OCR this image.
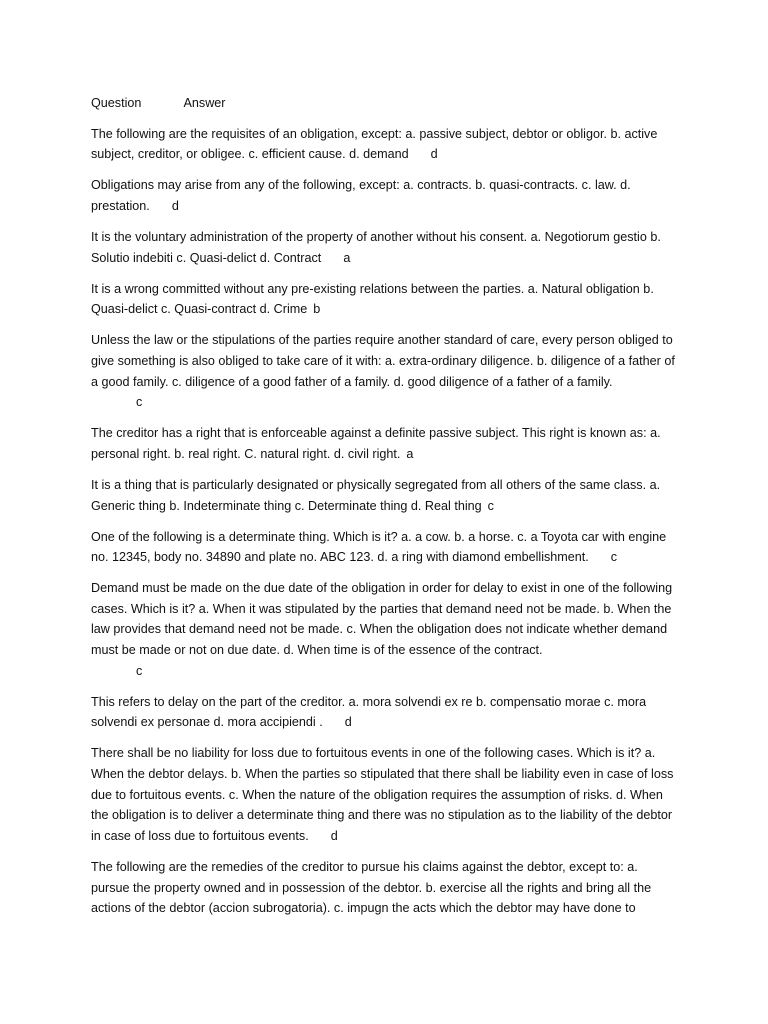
Question	Answer

The following are the requisites of an obligation, except: a. passive subject, debtor or obligor. b. active subject, creditor, or obligee. c. efficient cause. d. demand d

Obligations may arise from any of the following, except: a. contracts. b. quasi-contracts. c. law. d. prestation. d

It is the voluntary administration of the property of another without his consent. a. Negotiorum gestio b. Solutio indebiti c. Quasi-delict d. Contract a

It is a wrong committed without any pre-existing relations between the parties. a. Natural obligation b. Quasi-delict c. Quasi-contract d. Crime b

Unless the law or the stipulations of the parties require another standard of care, every person obliged to give something is also obliged to take care of it with: a. extra-ordinary diligence. b. diligence of a father of a good family. c. diligence of a good father of a family. d. good diligence of a father of a family.
c

The creditor has a right that is enforceable against a definite passive subject. This right is known as: a. personal right. b. real right. C. natural right. d. civil right. a

It is a thing that is particularly designated or physically segregated from all others of the same class. a. Generic thing b. Indeterminate thing c. Determinate thing d. Real thing c

One of the following is a determinate thing. Which is it? a. a cow. b. a horse. c. a Toyota car with engine no. 12345, body no. 34890 and plate no. ABC 123. d. a ring with diamond embellishment. c

Demand must be made on the due date of the obligation in order for delay to exist in one of the following cases. Which is it? a. When it was stipulated by the parties that demand need not be made. b. When the law provides that demand need not be made. c. When the obligation does not indicate whether demand must be made or not on due date. d. When time is of the essence of the contract.
c

This refers to delay on the part of the creditor. a. mora solvendi ex re b. compensatio morae c. mora solvendi ex personae d. mora accipiendi . d

There shall be no liability for loss due to fortuitous events in one of the following cases. Which is it? a. When the debtor delays. b. When the parties so stipulated that there shall be liability even in case of loss due to fortuitous events. c. When the nature of the obligation requires the assumption of risks. d. When the obligation is to deliver a determinate thing and there was no stipulation as to the liability of the debtor in case of loss due to fortuitous events. d

The following are the remedies of the creditor to pursue his claims against the debtor, except to: a. pursue the property owned and in possession of the debtor. b. exercise all the rights and bring all the actions of the debtor (accion subrogatoria). c. impugn the acts which the debtor may have done to
